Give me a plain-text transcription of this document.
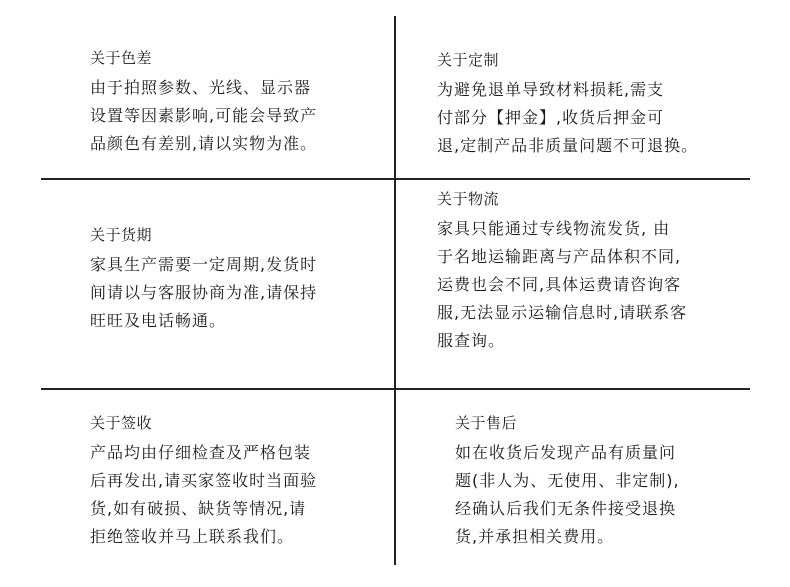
关于色差
由于拍照参数、光线、显示器
设置等因素影响,可能会导致产
品颜色有差别,请以实物为准。
关于定制
为避免退单导致材料损耗,需支
付部分【押金】,收货后押金可
退,定制产品非质量问题不可退换。
关于货期
家具生产需要一定周期,发货时
间请以与客服协商为准,请保持
旺旺及电话畅通。
关于物流
家具只能通过专线物流发货, 由
于名地运输距离与产品体积不同,
运费也会不同,具体运费请咨询客
服,无法显示运输信息时,请联系客
服查询。
关于签收
产品均由仔细检查及严格包装
后再发出,请买家签收时当面验
货,如有破损、缺货等情况,请
拒绝签收并马上联系我们。
关于售后
如在收货后发现产品有质量问
题(非人为、无使用、非定制),
经确认后我们无条件接受退换
货,并承担相关费用。
